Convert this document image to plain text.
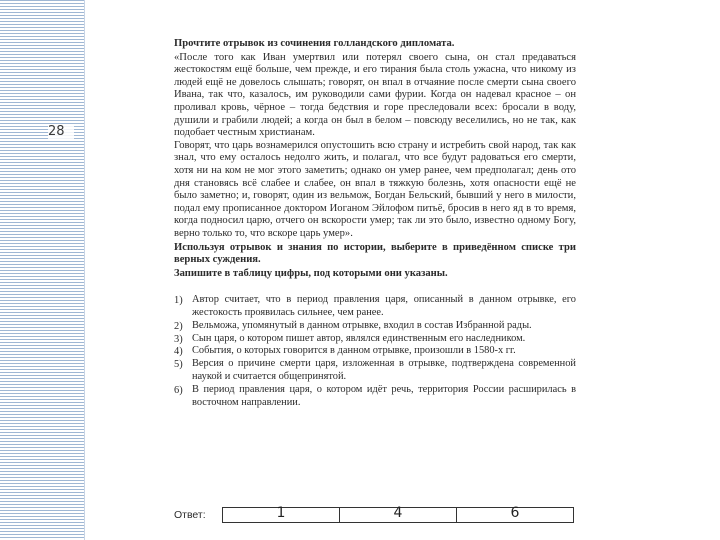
28

Прочтите отрывок из сочинения голландского дипломата.

«После того как Иван умертвил или потерял своего сына, он стал предаваться жестокостям ещё больше, чем прежде, и его тирания была столь ужасна, что никому из людей ещё не довелось слышать; говорят, он впал в отчаяние после смерти сына своего Ивана, так что, казалось, им руководили сами фурии. Когда он надевал красное – он проливал кровь, чёрное – тогда бедствия и горе преследовали всех: бросали в воду, душили и грабили людей; а когда он был в белом – повсюду веселились, но не так, как подобает честным христианам.

Говорят, что царь вознамерился опустошить всю страну и истребить свой народ, так как знал, что ему осталось недолго жить, и полагал, что все будут радоваться его смерти, хотя ни на ком не мог этого заметить; однако он умер ранее, чем предполагал; день ото дня становясь всё слабее и слабее, он впал в тяжкую болезнь, хотя опасности ещё не было заметно; и, говорят, один из вельмож, Богдан Бельский, бывший у него в милости, подал ему прописанное доктором Иоганом Эйлофом питьё, бросив в него яд в то время, когда подносил царю, отчего он вскорости умер; так ли это было, известно одному Богу, верно только то, что вскоре царь умер».

Используя отрывок и знания по истории, выберите в приведённом списке три верных суждения.

Запишите в таблицу цифры, под которыми они указаны.

1) Автор считает, что в период правления царя, описанный в данном отрывке, его жестокость проявилась сильнее, чем ранее.
2) Вельможа, упомянутый в данном отрывке, входил в состав Избранной рады.
3) Сын царя, о котором пишет автор, являлся единственным его наследником.
4) События, о которых говорится в данном отрывке, произошли в 1580-х гг.
5) Версия о причине смерти царя, изложенная в отрывке, подтверждена современной наукой и считается общепринятой.
6) В период правления царя, о котором идёт речь, территория России расширилась в восточном направлении.
Ответ:	1	4	6
